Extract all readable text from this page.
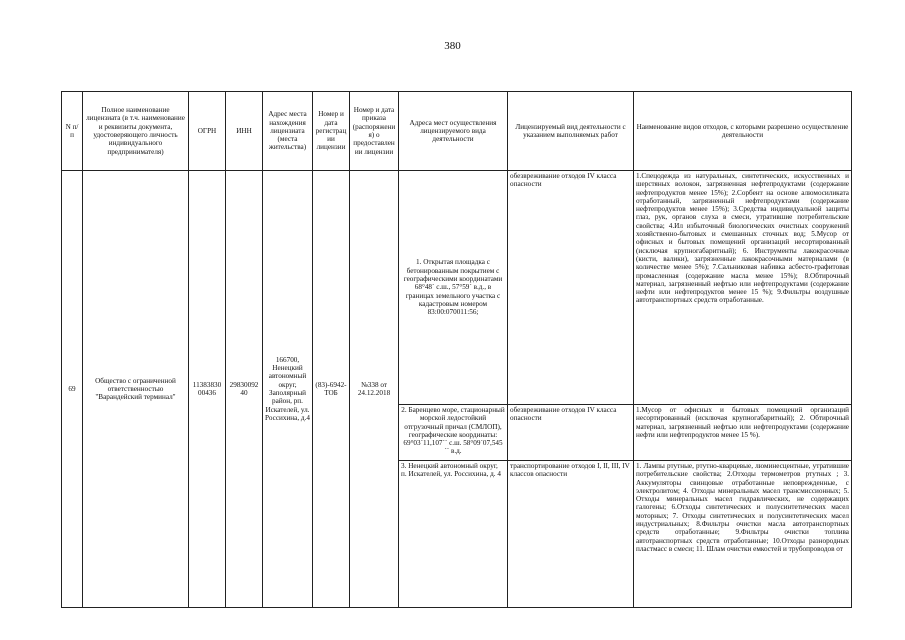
380
N п/п	Полное наименование лицензиата (в т.ч. наименование и реквизиты документа, удостоверяющего личность индивидуального предпринимателя)	ОГРН	ИНН	Адрес места нахождения лицензиата (места жительства)	Номер и дата регистрации лицензии	Номер и дата приказа (распоряжения) о предоставлении лицензии	Адреса мест осуществления лицензируемого вида деятельности	Лицензируемый вид деятельности с указанием выполняемых работ	Наименование видов отходов, с которыми разрешено осуществление деятельности
69	Общество с ограниченной ответственностью "Варандейский терминал"	1138383000436	2983009240	166700, Ненецкий автономный округ, Заполярный район, рп. Искателей, ул. Россихина, д.4	(83)-6942-ТОБ	№338 от 24.12.2018	1. Открытая площадка с бетонированным покрытием с географическими координатами 68°48´ с.ш., 57°59´ в.д., в границах земельного участка с кадастровым номером 83:00:070011:56;	обезвреживание отходов IV класса опасности	1.Спецодежда из натуральных, синтетических, искусственных и шерстяных волокон, загрязненная нефтепродуктами (содержание нефтепродуктов менее 15%); 2.Сорбент на основе алюмосиликата отработанный, загрязненный нефтепродуктами (содержание нефтепродуктов менее 15%); 3.Средства индивидуальной защиты глаз, рук, органов слуха в смеси, утратившие потребительские свойства; 4.Ил избыточный биологических очистных сооружений хозяйственно-бытовых и смешанных сточных вод; 5.Мусор от офисных и бытовых помещений организаций несортированный (исключая крупногабаритный); 6. Инструменты лакокрасочные (кисти, валики), загрязненные лакокрасочными материалами (в количестве менее 5%); 7.Сальниковая набивка асбесто-графитовая промасленная (содержание масла менее 15%); 8.Обтирочный материал, загрязненный нефтью или нефтепродуктами (содержание нефти или нефтепродуктов менее 15 %); 9.Фильтры воздушные автотранспортных средств отработанные.
							2. Баренцево море, стационарный морской ледостойкий отгрузочный причал (СМЛОП), географические координаты: 69°03´11,107´´ с.ш. 58°09´07,545´´ в.д.	обезвреживание отходов IV класса опасности	1.Мусор от офисных и бытовых помещений организаций несортированный (исключая крупногабаритный); 2. Обтирочный материал, загрязненный нефтью или нефтепродуктами (содержание нефти или нефтепродуктов менее 15 %).

							3. Ненецкий автономный округ, п. Искателей, ул. Россихина, д. 4	транспортирование отходов I, II, III, IV классов опасности	1. Лампы ртутные, ртутно-кварцевые, люминесцентные, утратившие потребительские свойства; 2.Отходы термометров ртутных ; 3. Аккумуляторы свинцовые отработанные неповрежденные, с электролитом; 4. Отходы минеральных масел трансмиссионных; 5. Отходы минеральных масел гидравлических, не содержащих галогены; 6.Отходы синтетических и полусинтетических масел моторных; 7. Отходы синтетических и полусинтетических масел индустриальных; 8.Фильтры очистки масла автотранспортных средств отработанные; 9.Фильтры очистки топлива автотранспортных средств отработанные; 10.Отходы разнородных пластмасс в смеси; 11. Шлам очистки емкостей и трубопроводов от
